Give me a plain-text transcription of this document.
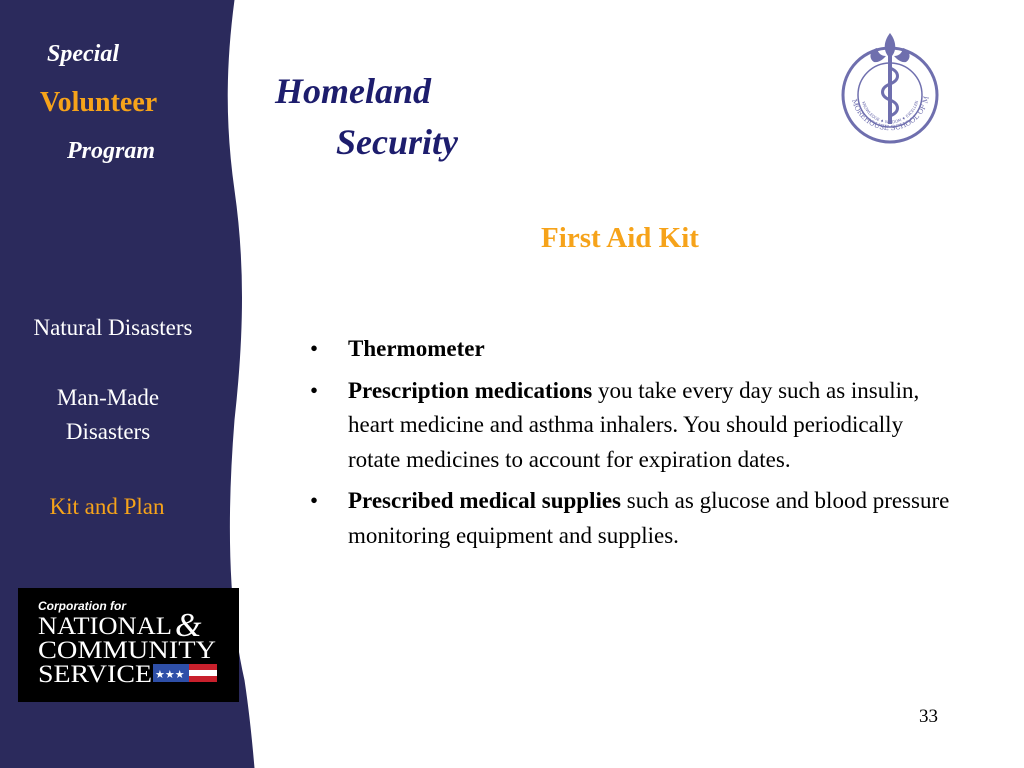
Special
Volunteer
Program
Natural Disasters
Man-Made
Disasters
Kit and Plan
Corporation for
NATIONAL &
COMMUNITY
SERVICE ★★★
Homeland
Security
MOREHOUSE SCHOOL OF M
KNOWLEDGE ♦ WISDOM ♦ EXCELLEN
First Aid Kit
• Thermometer
• Prescription medications you take every day such as insulin, heart medicine and asthma inhalers. You should periodically rotate medicines to account for expiration dates.
• Prescribed medical supplies such as glucose and blood pressure monitoring equipment and supplies.
33
